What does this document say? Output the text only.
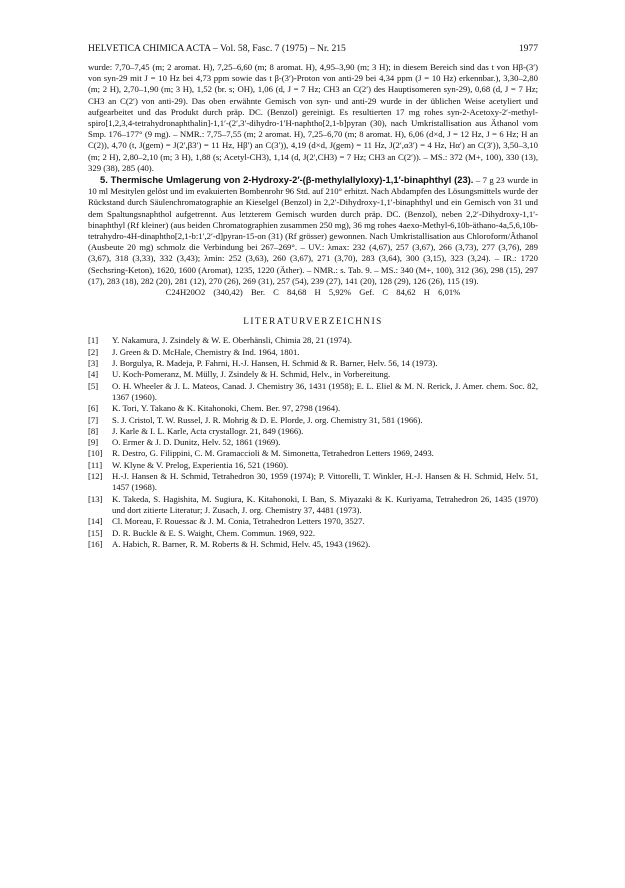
HELVETICA CHIMICA ACTA – Vol. 58, Fasc. 7 (1975) – Nr. 215	1977

wurde: 7,70–7,45 (m; 2 aromat. H), 7,25–6,60 (m; 8 aromat. H), 4,95–3,90 (m; 3 H); in diesem Bereich sind das t von Hβ-(3′) von syn-29 mit J = 10 Hz bei 4,73 ppm sowie das t β-(3′)-Proton von anti-29 bei 4,34 ppm (J = 10 Hz) erkennbar.), 3,30–2,80 (m; 2 H), 2,70–1,90 (m; 3 H), 1,52 (br. s; OH), 1,06 (d, J = 7 Hz; CH3 an C(2′) des Hauptisomeren syn-29), 0,68 (d, J = 7 Hz; CH3 an C(2′) von anti-29). Das oben erwähnte Gemisch von syn- und anti-29 wurde in der üblichen Weise acetyliert und aufgearbeitet und das Produkt durch präp. DC. (Benzol) gereinigt. Es resultierten 17 mg rohes syn-2-Acetoxy-2′-methyl-spiro[1,2,3,4-tetrahydronaphthalin]-1,1′-(2′,3′-dihydro-1′H-naphtho[2,1-b]pyran (30), nach Umkristallisation aus Äthanol vom Smp. 176–177° (9 mg). – NMR.: 7,75–7,55 (m; 2 aromat. H), 7,25–6,70 (m; 8 aromat. H), 6,06 (d×d, J = 12 Hz, J = 6 Hz; H an C(2)), 4,70 (t, J(gem) = J(2′,β3′) = 11 Hz, Hβ′) an C(3′)), 4,19 (d×d, J(gem) = 11 Hz, J(2′,α3′) = 4 Hz, Hα′) an C(3′)), 3,50–3,10 (m; 2 H), 2,80–2,10 (m; 3 H), 1,88 (s; Acetyl-CH3), 1,14 (d, J(2′,CH3) = 7 Hz; CH3 an C(2′)). – MS.: 372 (M+, 100), 330 (13), 329 (38), 285 (40).

5. Thermische Umlagerung von 2-Hydroxy-2′-(β-methylallyloxy)-1,1′-binaphthyl (23). – 7 g 23 wurde in 10 ml Mesitylen gelöst und im evakuierten Bombenrohr 96 Std. auf 210° erhitzt. Nach Abdampfen des Lösungsmittels wurde der Rückstand durch Säulenchromatographie an Kieselgel (Benzol) in 2,2′-Dihydroxy-1,1′-binaphthyl und ein Gemisch von 31 und dem Spaltungsnaphthol aufgetrennt. Aus letzterem Gemisch wurden durch präp. DC. (Benzol), neben 2,2′-Dihydroxy-1,1′-binaphthyl (Rf kleiner) (aus beiden Chromatographien zusammen 250 mg), 36 mg rohes 4aexo-Methyl-6,10b-äthano-4a,5,6,10b-tetrahydro-4H-dinaphtho[2,1-b:1′,2′-d]pyran-15-on (31) (Rf grösser) gewonnen. Nach Umkristallisation aus Chloroform/Äthanol (Ausbeute 20 mg) schmolz die Verbindung bei 267–269°. – UV.: λmax: 232 (4,67), 257 (3,67), 266 (3,73), 277 (3,76), 289 (3,67), 318 (3,33), 332 (3,43); λmin: 252 (3,63), 260 (3,67), 271 (3,70), 283 (3,64), 300 (3,15), 323 (3,24). – IR.: 1720 (Sechsring-Keton), 1620, 1600 (Aromat), 1235, 1220 (Äther). – NMR.: s. Tab. 9. – MS.: 340 (M+, 100), 312 (36), 298 (15), 297 (17), 283 (18), 282 (20), 281 (12), 270 (26), 269 (31), 257 (54), 239 (27), 141 (20), 128 (29), 126 (26), 115 (19).

C24H20O2 (340,42) Ber. C 84,68 H 5,92% Gef. C 84,62 H 6,01%

LITERATURVERZEICHNIS
[1]	Y. Nakamura, J. Zsindely & W. E. Oberhänsli, Chimia 28, 21 (1974).
[2]	J. Green & D. McHale, Chemistry & Ind. 1964, 1801.
[3]	J. Borgulya, R. Madeja, P. Fahrni, H.-J. Hansen, H. Schmid & R. Barner, Helv. 56, 14 (1973).
[4]	U. Koch-Pomeranz, M. Mülly, J. Zsindely & H. Schmid, Helv., in Vorbereitung.
[5]	O. H. Wheeler & J. L. Mateos, Canad. J. Chemistry 36, 1431 (1958); E. L. Eliel & M. N. Rerick, J. Amer. chem. Soc. 82, 1367 (1960).
[6]	K. Tori, Y. Takano & K. Kitahonoki, Chem. Ber. 97, 2798 (1964).
[7]	S. J. Cristol, T. W. Russel, J. R. Mohrig & D. E. Plorde, J. org. Chemistry 31, 581 (1966).
[8]	J. Karle & I. L. Karle, Acta crystallogr. 21, 849 (1966).
[9]	O. Ermer & J. D. Dunitz, Helv. 52, 1861 (1969).
[10]	R. Destro, G. Filippini, C. M. Gramaccioli & M. Simonetta, Tetrahedron Letters 1969, 2493.
[11]	W. Klyne & V. Prelog, Experientia 16, 521 (1960).
[12]	H.-J. Hansen & H. Schmid, Tetrahedron 30, 1959 (1974); P. Vittorelli, T. Winkler, H.-J. Hansen & H. Schmid, Helv. 51, 1457 (1968).
[13]	K. Takeda, S. Hagishita, M. Sugiura, K. Kitahonoki, I. Ban, S. Miyazaki & K. Kuriyama, Tetrahedron 26, 1435 (1970) und dort zitierte Literatur; J. Zusach, J. org. Chemistry 37, 4481 (1973).
[14]	Cl. Moreau, F. Rouessac & J. M. Conia, Tetrahedron Letters 1970, 3527.
[15]	D. R. Buckle & E. S. Waight, Chem. Commun. 1969, 922.
[16]	A. Habich, R. Barner, R. M. Roberts & H. Schmid, Helv. 45, 1943 (1962).
